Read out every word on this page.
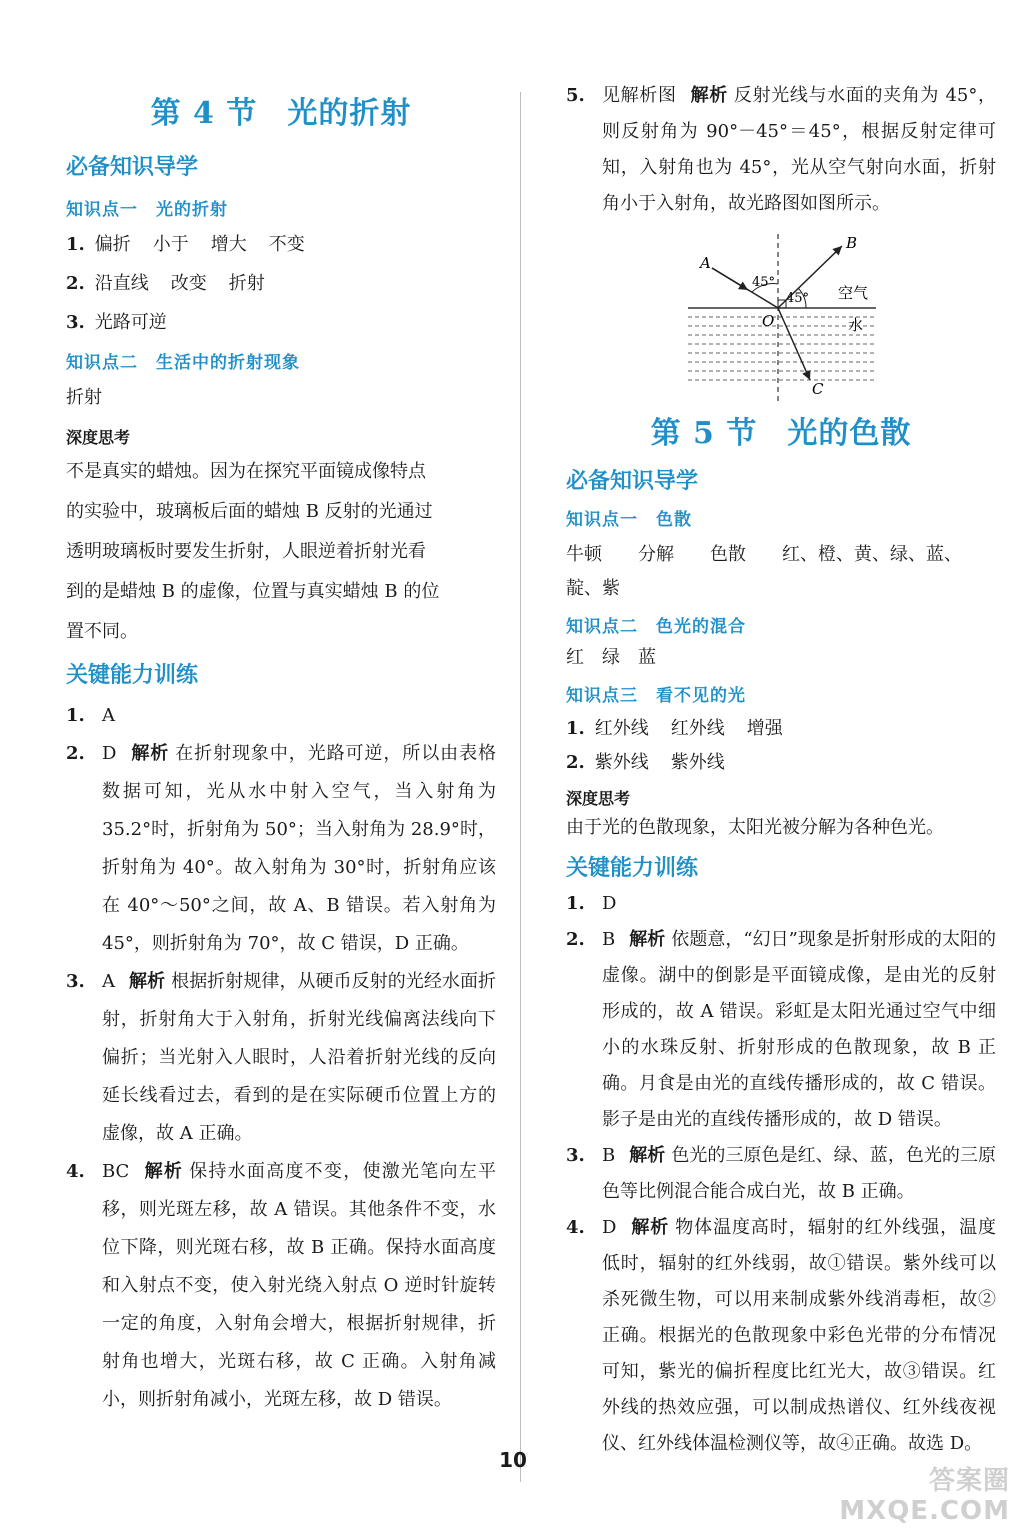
第 4 节 光的折射
必备知识导学
知识点一 光的折射

1. 偏折 小于 增大 不变

2. 沿直线 改变 折射

3. 光路可逆

知识点二 生活中的折射现象

折射

深度思考

不是真实的蜡烛。因为在探究平面镜成像特点

的实验中，玻璃板后面的蜡烛 B 反射的光通过

透明玻璃板时要发生折射，人眼逆着折射光看

到的是蜡烛 B 的虚像，位置与真实蜡烛 B 的位

置不同。

关键能力训练

1. A

2. D 解析 在折射现象中，光路可逆，所以由表格数据可知，光从水中射入空气，当入射角为 35.2°时，折射角为 50°；当入射角为 28.9°时，折射角为 40°。故入射角为 30°时，折射角应该在 40°～50°之间，故 A、B 错误。若入射角为 45°，则折射角为 70°，故 C 错误，D 正确。

3. A 解析 根据折射规律，从硬币反射的光经水面折射，折射角大于入射角，折射光线偏离法线向下偏折；当光射入人眼时，人沿着折射光线的反向延长线看过去，看到的是在实际硬币位置上方的虚像，故 A 正确。

4. BC 解析 保持水面高度不变，使激光笔向左平移，则光斑左移，故 A 错误。其他条件不变，水位下降，则光斑右移，故 B 正确。保持水面高度和入射点不变，使入射光绕入射点 O 逆时针旋转一定的角度，入射角会增大，根据折射规律，折射角也增大，光斑右移，故 C 正确。入射角减小，则折射角减小，光斑左移，故 D 错误。

5. 见解析图 解析 反射光线与水面的夹角为 45°，则反射角为 90°－45°＝45°，根据反射定律可知，入射角也为 45°，光从空气射向水面，折射角小于入射角，故光路图如图所示。

A
B
C
O
45°
45° 空气
水
第 5 节 光的色散
必备知识导学
知识点一 色散

牛顿　　分解　　色散　　红、橙、黄、绿、蓝、

靛、紫

知识点二 色光的混合

红　绿　蓝

知识点三 看不见的光

1. 红外线 红外线 增强

2. 紫外线 紫外线

深度思考

由于光的色散现象，太阳光被分解为各种色光。

关键能力训练

1. D

2. B 解析 依题意，“幻日”现象是折射形成的太阳的虚像。湖中的倒影是平面镜成像，是由光的反射形成的，故 A 错误。彩虹是太阳光通过空气中细小的水珠反射、折射形成的色散现象，故 B 正确。月食是由光的直线传播形成的，故 C 错误。影子是由光的直线传播形成的，故 D 错误。

3. B 解析 色光的三原色是红、绿、蓝，色光的三原色等比例混合能合成白光，故 B 正确。

4. D 解析 物体温度高时，辐射的红外线强，温度低时，辐射的红外线弱，故①错误。紫外线可以杀死微生物，可以用来制成紫外线消毒柜，故②正确。根据光的色散现象中彩色光带的分布情况可知，紫光的偏折程度比红光大，故③错误。红外线的热效应强，可以制成热谱仪、红外线夜视仪、红外线体温检测仪等，故④正确。故选 D。

10
答案圈
MXQE.COM
